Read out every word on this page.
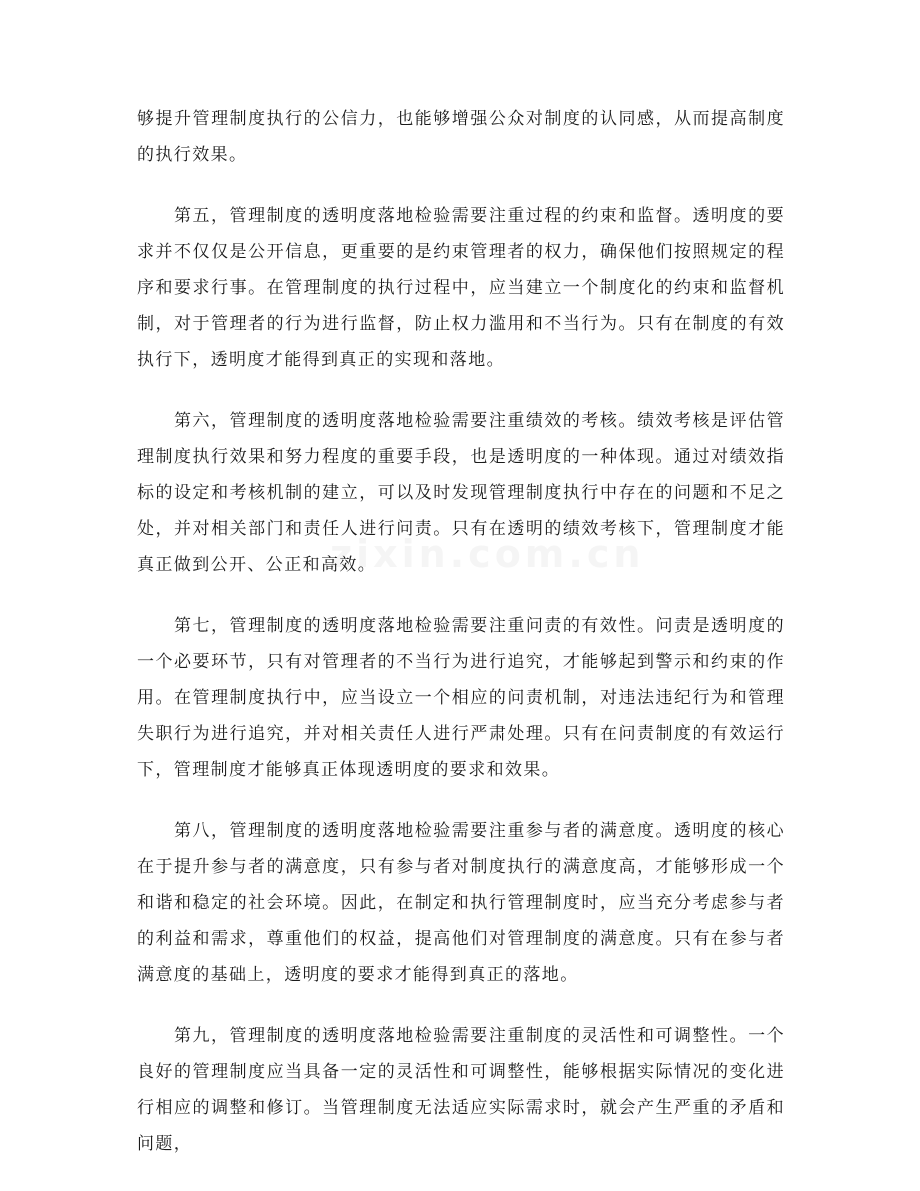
zixin.com.cn

够提升管理制度执行的公信力，也能够增强公众对制度的认同感，从而提高制度的执行效果。

第五，管理制度的透明度落地检验需要注重过程的约束和监督。透明度的要求并不仅仅是公开信息，更重要的是约束管理者的权力，确保他们按照规定的程序和要求行事。在管理制度的执行过程中，应当建立一个制度化的约束和监督机制，对于管理者的行为进行监督，防止权力滥用和不当行为。只有在制度的有效执行下，透明度才能得到真正的实现和落地。

第六，管理制度的透明度落地检验需要注重绩效的考核。绩效考核是评估管理制度执行效果和努力程度的重要手段，也是透明度的一种体现。通过对绩效指标的设定和考核机制的建立，可以及时发现管理制度执行中存在的问题和不足之处，并对相关部门和责任人进行问责。只有在透明的绩效考核下，管理制度才能真正做到公开、公正和高效。

第七，管理制度的透明度落地检验需要注重问责的有效性。问责是透明度的一个必要环节，只有对管理者的不当行为进行追究，才能够起到警示和约束的作用。在管理制度执行中，应当设立一个相应的问责机制，对违法违纪行为和管理失职行为进行追究，并对相关责任人进行严肃处理。只有在问责制度的有效运行下，管理制度才能够真正体现透明度的要求和效果。

第八，管理制度的透明度落地检验需要注重参与者的满意度。透明度的核心在于提升参与者的满意度，只有参与者对制度执行的满意度高，才能够形成一个和谐和稳定的社会环境。因此，在制定和执行管理制度时，应当充分考虑参与者的利益和需求，尊重他们的权益，提高他们对管理制度的满意度。只有在参与者满意度的基础上，透明度的要求才能得到真正的落地。

第九，管理制度的透明度落地检验需要注重制度的灵活性和可调整性。一个良好的管理制度应当具备一定的灵活性和可调整性，能够根据实际情况的变化进行相应的调整和修订。当管理制度无法适应实际需求时，就会产生严重的矛盾和问题，
